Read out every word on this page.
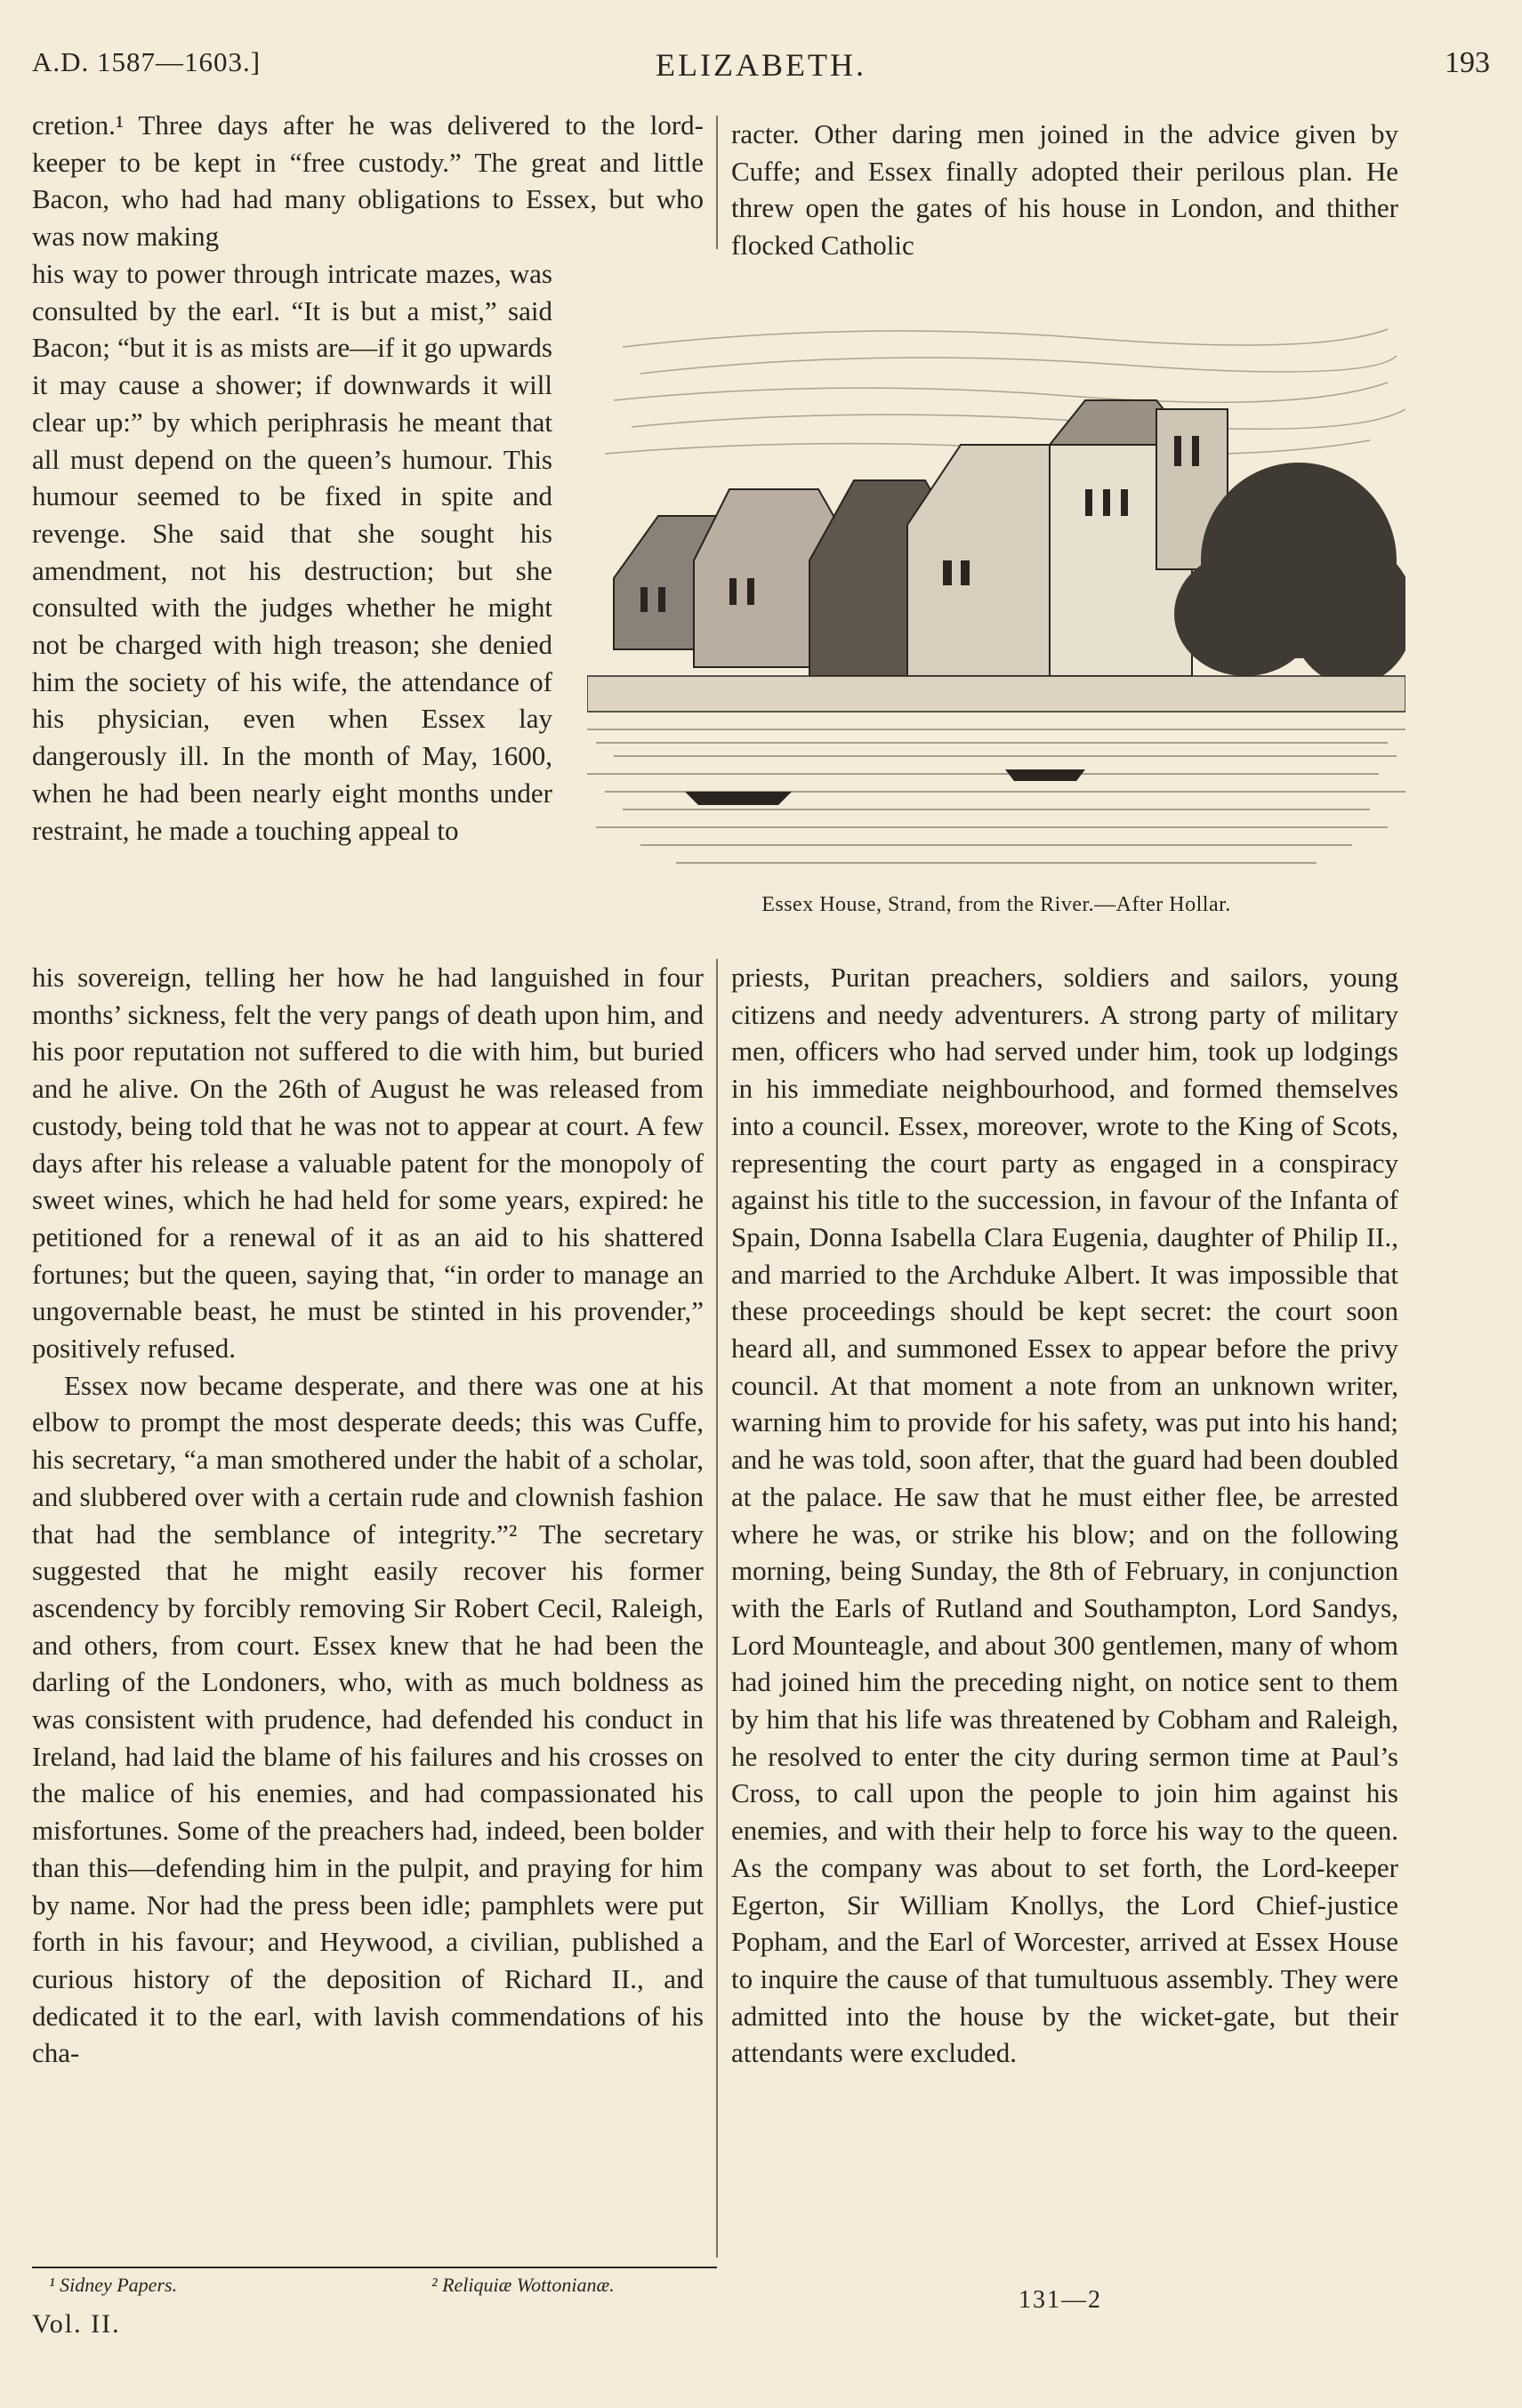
A.D. 1587—1603.]	ELIZABETH.	193

cretion.¹ Three days after he was delivered to the lord-keeper to be kept in “free custody.” The great and little Bacon, who had had many obligations to Essex, but who was now making

his way to power through intricate mazes, was consulted by the earl. “It is but a mist,” said Bacon; “but it is as mists are—if it go upwards it may cause a shower; if downwards it will clear up:” by which periphrasis he meant that all must depend on the queen’s humour. This humour seemed to be fixed in spite and revenge. She said that she sought his amendment, not his destruction; but she consulted with the judges whether he might not be charged with high treason; she denied him the society of his wife, the attendance of his physician, even when Essex lay dangerously ill. In the month of May, 1600, when he had been nearly eight months under restraint, he made a touching appeal to

racter. Other daring men joined in the advice given by Cuffe; and Essex finally adopted their perilous plan. He threw open the gates of his house in London, and thither flocked Catholic

Essex House, Strand, from the River.—After Hollar.

his sovereign, telling her how he had languished in four months’ sickness, felt the very pangs of death upon him, and his poor reputation not suffered to die with him, but buried and he alive. On the 26th of August he was released from custody, being told that he was not to appear at court. A few days after his release a valuable patent for the monopoly of sweet wines, which he had held for some years, expired: he petitioned for a renewal of it as an aid to his shattered fortunes; but the queen, saying that, “in order to manage an ungovernable beast, he must be stinted in his provender,” positively refused.

Essex now became desperate, and there was one at his elbow to prompt the most desperate deeds; this was Cuffe, his secretary, “a man smothered under the habit of a scholar, and slubbered over with a certain rude and clownish fashion that had the semblance of integrity.”² The secretary suggested that he might easily recover his former ascendency by forcibly removing Sir Robert Cecil, Raleigh, and others, from court. Essex knew that he had been the darling of the Londoners, who, with as much boldness as was consistent with prudence, had defended his conduct in Ireland, had laid the blame of his failures and his crosses on the malice of his enemies, and had compassionated his misfortunes. Some of the preachers had, indeed, been bolder than this—defending him in the pulpit, and praying for him by name. Nor had the press been idle; pamphlets were put forth in his favour; and Heywood, a civilian, published a curious history of the deposition of Richard II., and dedicated it to the earl, with lavish commendations of his cha-

priests, Puritan preachers, soldiers and sailors, young citizens and needy adventurers. A strong party of military men, officers who had served under him, took up lodgings in his immediate neighbourhood, and formed themselves into a council. Essex, moreover, wrote to the King of Scots, representing the court party as engaged in a conspiracy against his title to the succession, in favour of the Infanta of Spain, Donna Isabella Clara Eugenia, daughter of Philip II., and married to the Archduke Albert. It was impossible that these proceedings should be kept secret: the court soon heard all, and summoned Essex to appear before the privy council. At that moment a note from an unknown writer, warning him to provide for his safety, was put into his hand; and he was told, soon after, that the guard had been doubled at the palace. He saw that he must either flee, be arrested where he was, or strike his blow; and on the following morning, being Sunday, the 8th of February, in conjunction with the Earls of Rutland and Southampton, Lord Sandys, Lord Mounteagle, and about 300 gentlemen, many of whom had joined him the preceding night, on notice sent to them by him that his life was threatened by Cobham and Raleigh, he resolved to enter the city during sermon time at Paul’s Cross, to call upon the people to join him against his enemies, and with their help to force his way to the queen. As the company was about to set forth, the Lord-keeper Egerton, Sir William Knollys, the Lord Chief-justice Popham, and the Earl of Worcester, arrived at Essex House to inquire the cause of that tumultuous assembly. They were admitted into the house by the wicket-gate, but their attendants were excluded.

¹ Sidney Papers.	² Reliquiæ Wottonianæ.
Vol. II.
131—2
